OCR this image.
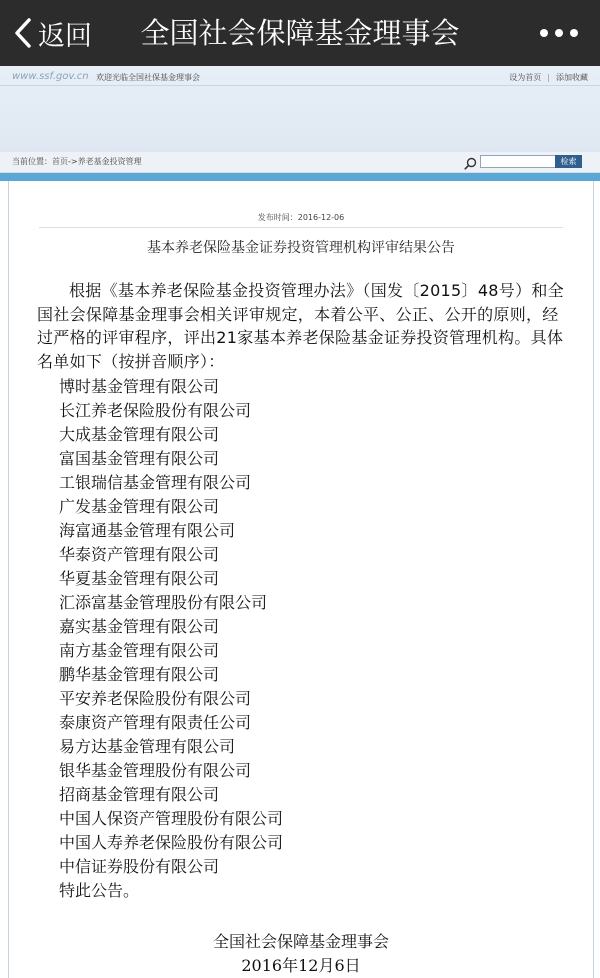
返回	全国社会保障基金理事会
www.ssf.gov.cn 欢迎光临全国社保基金理事会	设为首页 | 添加收藏
当前位置：首页->养老基金投资管理	检索
发布时间：2016-12-06
基本养老保险基金证券投资管理机构评审结果公告
根据《基本养老保险基金投资管理办法》（国发〔2015〕48号）和全国社会保障基金理事会相关评审规定，本着公平、公正、公开的原则，经过严格的评审程序，评出21家基本养老保险基金证券投资管理机构。具体名单如下（按拼音顺序）：
博时基金管理有限公司
长江养老保险股份有限公司
大成基金管理有限公司
富国基金管理有限公司
工银瑞信基金管理有限公司
广发基金管理有限公司
海富通基金管理有限公司
华泰资产管理有限公司
华夏基金管理有限公司
汇添富基金管理股份有限公司
嘉实基金管理有限公司
南方基金管理有限公司
鹏华基金管理有限公司
平安养老保险股份有限公司
泰康资产管理有限责任公司
易方达基金管理有限公司
银华基金管理股份有限公司
招商基金管理有限公司
中国人保资产管理股份有限公司
中国人寿养老保险股份有限公司
中信证券股份有限公司
特此公告。
全国社会保障基金理事会
2016年12月6日
